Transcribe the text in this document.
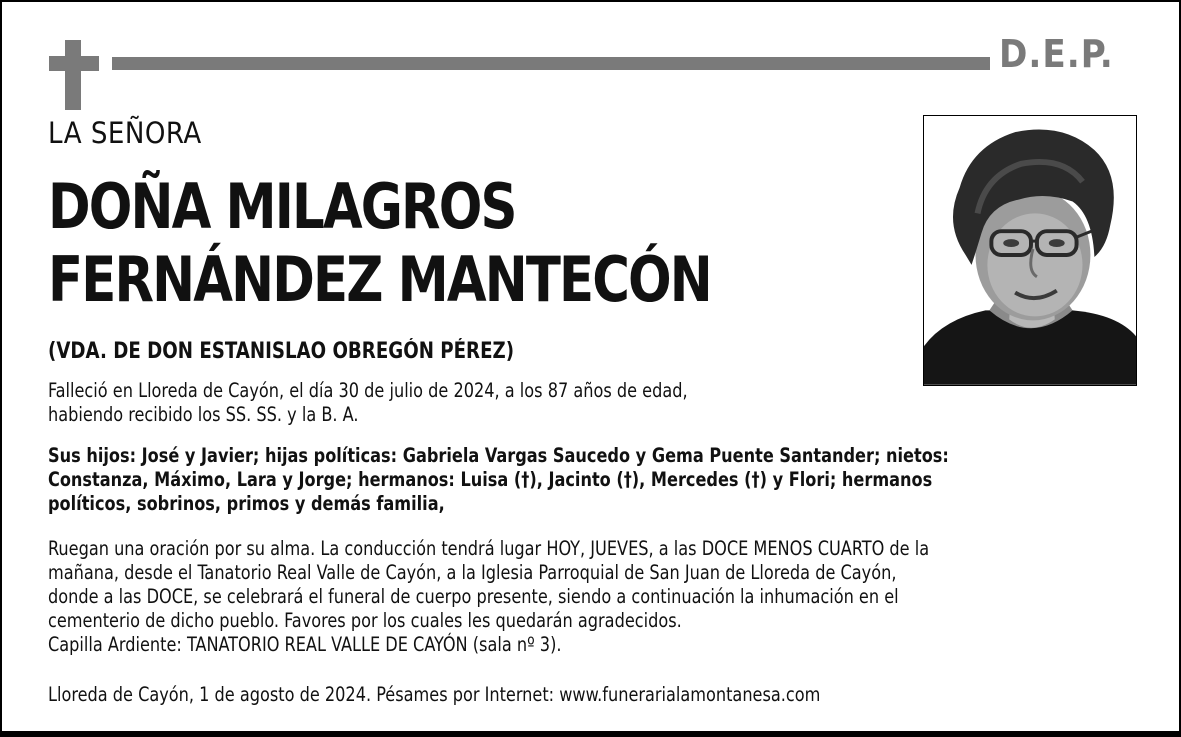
D.E.P.
LA SEÑORA
DOÑA MILAGROS
FERNÁNDEZ MANTECÓN
(VDA. DE DON ESTANISLAO OBREGÓN PÉREZ)
Falleció en Lloreda de Cayón, el día 30 de julio de 2024, a los 87 años de edad,
habiendo recibido los SS. SS. y la B. A.
Sus hijos: José y Javier; hijas políticas: Gabriela Vargas Saucedo y Gema Puente Santander; nietos:
Constanza, Máximo, Lara y Jorge; hermanos: Luisa (†), Jacinto (†), Mercedes (†) y Flori; hermanos
políticos, sobrinos, primos y demás familia,
Ruegan una oración por su alma. La conducción tendrá lugar HOY, JUEVES, a las DOCE MENOS CUARTO de la
mañana, desde el Tanatorio Real Valle de Cayón, a la Iglesia Parroquial de San Juan de Lloreda de Cayón,
donde a las DOCE, se celebrará el funeral de cuerpo presente, siendo a continuación la inhumación en el
cementerio de dicho pueblo. Favores por los cuales les quedarán agradecidos.
Capilla Ardiente: TANATORIO REAL VALLE DE CAYÓN (sala nº 3).
Lloreda de Cayón, 1 de agosto de 2024. Pésames por Internet: www.funerarialamontanesa.com
